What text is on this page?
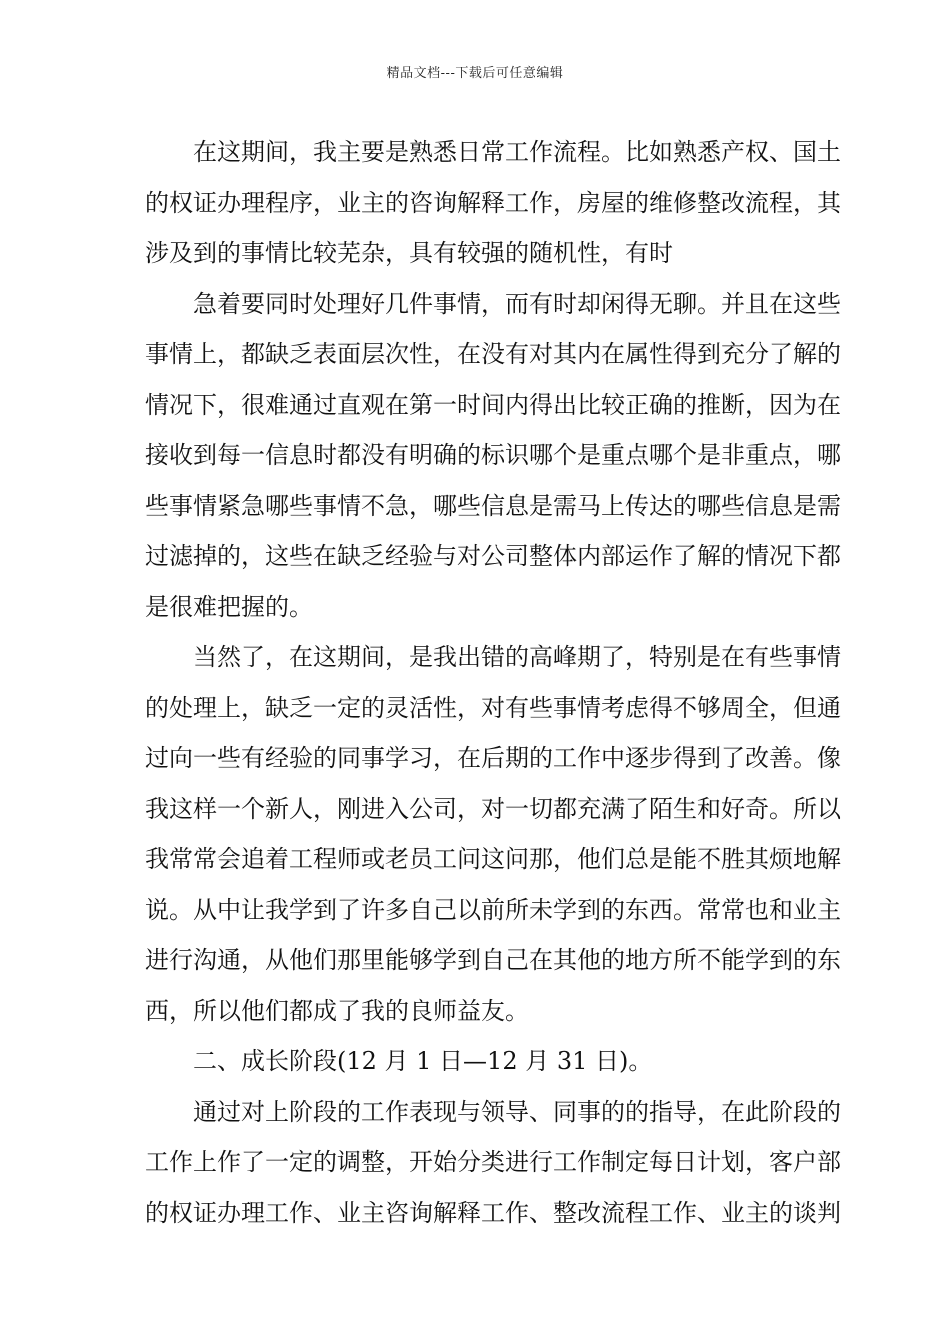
精品文档---下载后可任意编辑

在这期间，我主要是熟悉日常工作流程。比如熟悉产权、国土
的权证办理程序，业主的咨询解释工作，房屋的维修整改流程，其
涉及到的事情比较芜杂，具有较强的随机性，有时

急着要同时处理好几件事情，而有时却闲得无聊。并且在这些
事情上，都缺乏表面层次性，在没有对其内在属性得到充分了解的
情况下，很难通过直观在第一时间内得出比较正确的推断，因为在
接收到每一信息时都没有明确的标识哪个是重点哪个是非重点，哪
些事情紧急哪些事情不急，哪些信息是需马上传达的哪些信息是需
过滤掉的，这些在缺乏经验与对公司整体内部运作了解的情况下都
是很难把握的。

当然了，在这期间，是我出错的高峰期了，特别是在有些事情
的处理上，缺乏一定的灵活性，对有些事情考虑得不够周全，但通
过向一些有经验的同事学习，在后期的工作中逐步得到了改善。像
我这样一个新人，刚进入公司，对一切都充满了陌生和好奇。所以
我常常会追着工程师或老员工问这问那，他们总是能不胜其烦地解
说。从中让我学到了许多自己以前所未学到的东西。常常也和业主
进行沟通，从他们那里能够学到自己在其他的地方所不能学到的东
西，所以他们都成了我的良师益友。

二、成长阶段(12 月 1 日—12 月 31 日)。

通过对上阶段的工作表现与领导、同事的的指导，在此阶段的
工作上作了一定的调整，开始分类进行工作制定每日计划，客户部
的权证办理工作、业主咨询解释工作、整改流程工作、业主的谈判
